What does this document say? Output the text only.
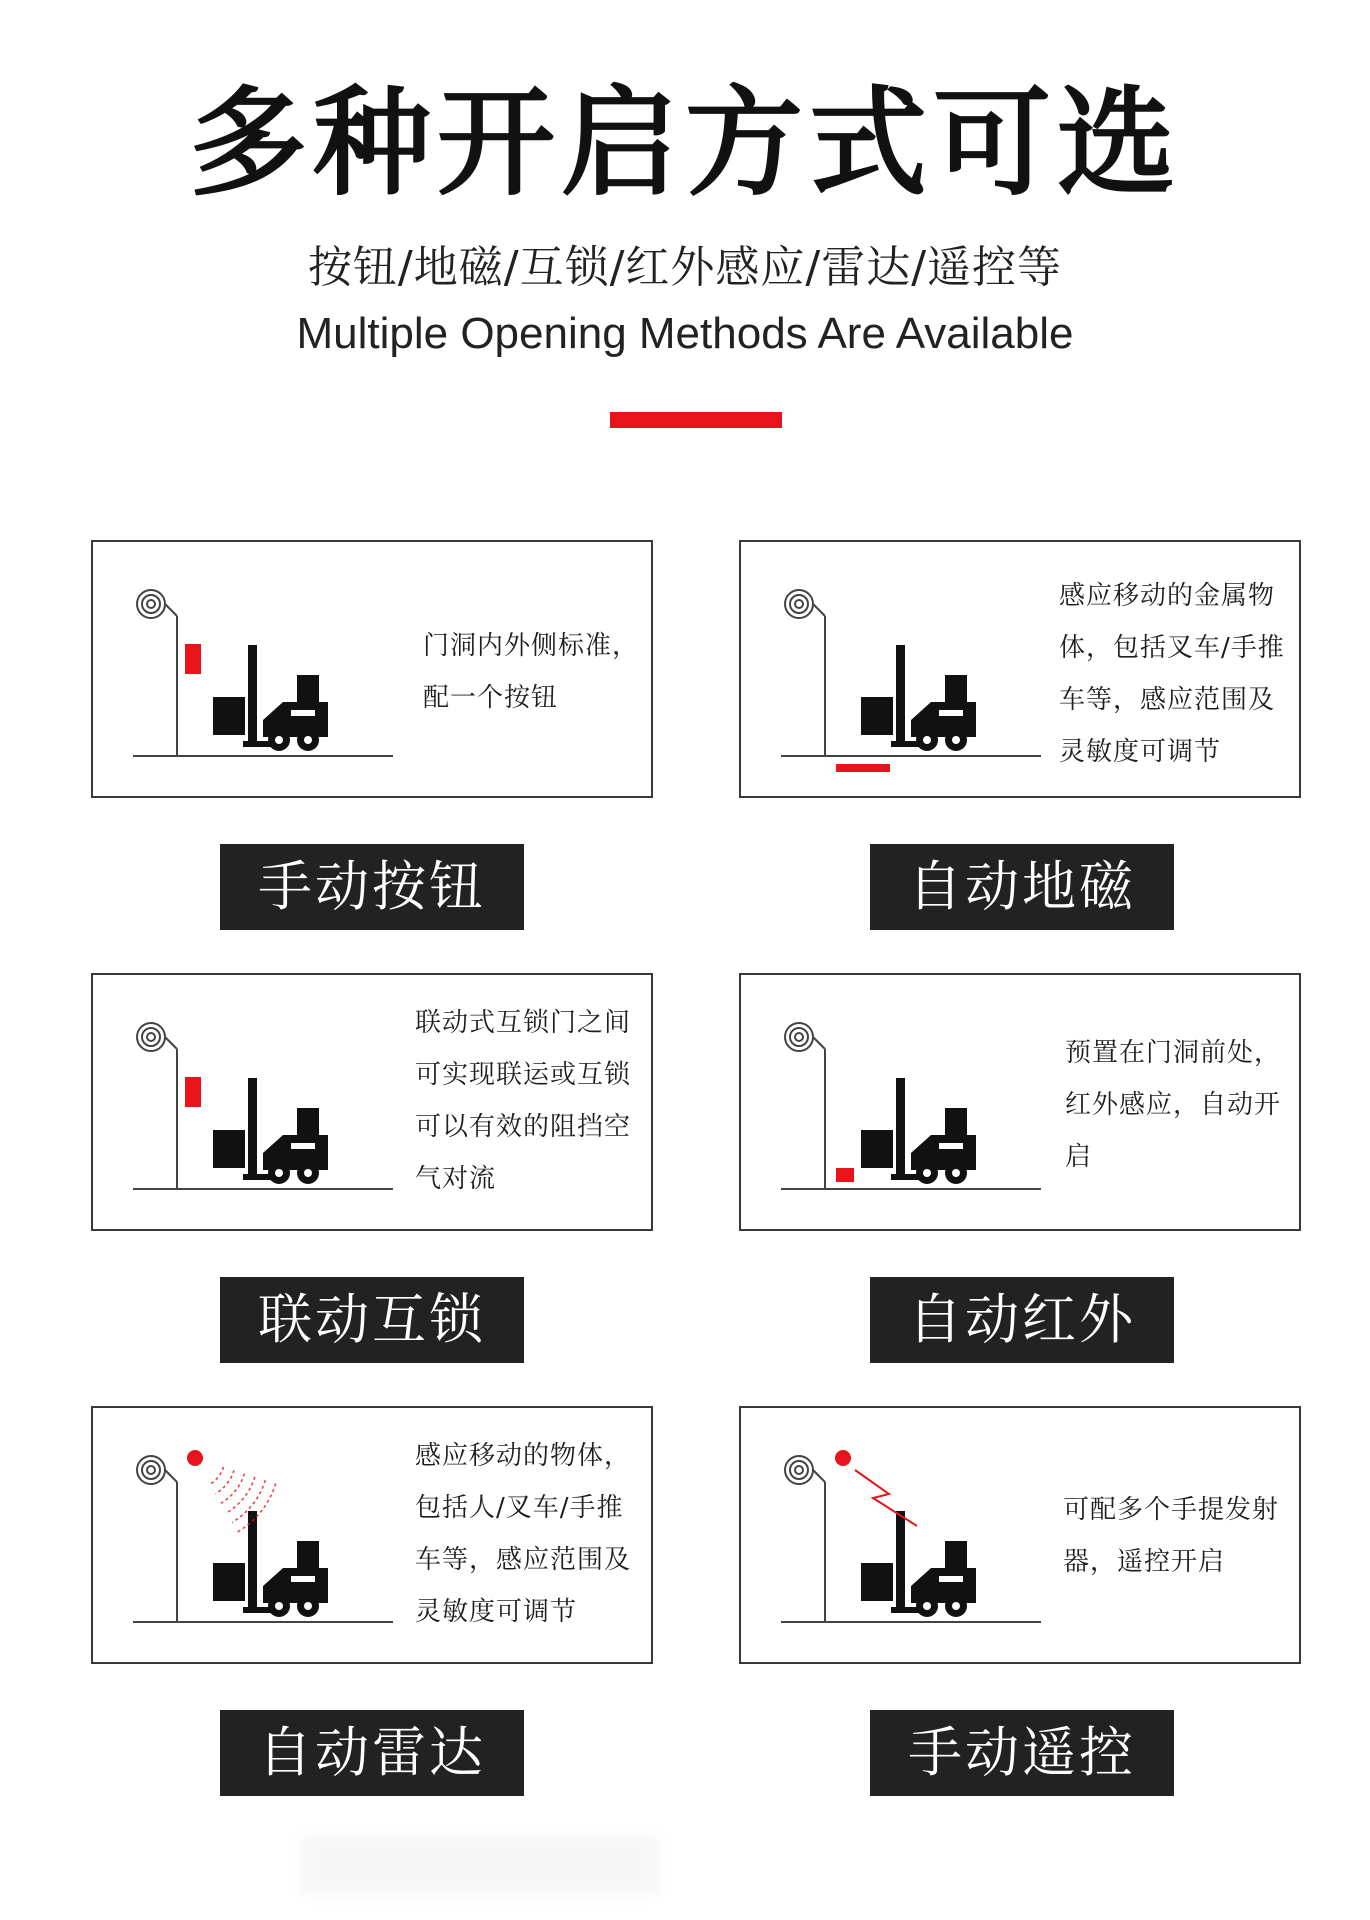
多种开启方式可选
按钮/地磁/互锁/红外感应/雷达/遥控等
Multiple Opening Methods Are Available
门洞内外侧标准，
配一个按钮
手动按钮
感应移动的金属物
体，包括叉车/手推
车等，感应范围及
灵敏度可调节
自动地磁
联动式互锁门之间
可实现联运或互锁
可以有效的阻挡空
气对流
联动互锁
预置在门洞前处，
红外感应，自动开
启
自动红外
感应移动的物体，
包括人/叉车/手推
车等，感应范围及
灵敏度可调节
自动雷达
可配多个手提发射
器，遥控开启
手动遥控
